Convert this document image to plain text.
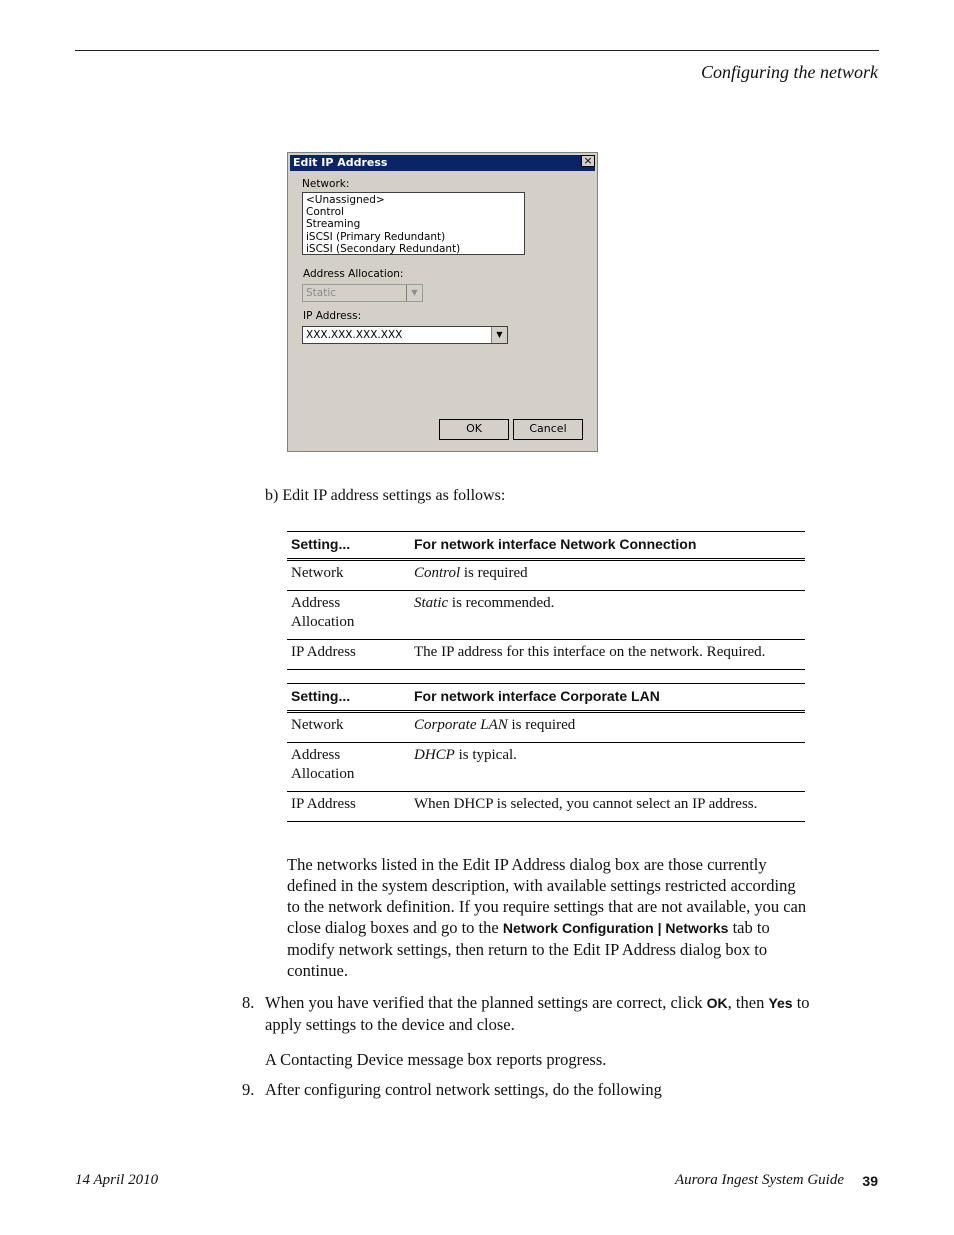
Configuring the network
Edit IP Address	×
Network:
<Unassigned>
Control
Streaming
iSCSI (Primary Redundant)
iSCSI (Secondary Redundant)
Address Allocation:
Static	▼
IP Address:
XXX.XXX.XXX.XXX	▼
OK	Cancel
b) Edit IP address settings as follows:
Setting...	For network interface Network Connection
Network	Control is required
Address Allocation	Static is recommended.
IP Address	The IP address for this interface on the network. Required.
Setting...	For network interface Corporate LAN
Network	Corporate LAN is required
Address Allocation	DHCP is typical.
IP Address	When DHCP is selected, you cannot select an IP address.
The networks listed in the Edit IP Address dialog box are those currently defined in the system description, with available settings restricted according to the network definition. If you require settings that are not available, you can close dialog boxes and go to the Network Configuration | Networks tab to modify network settings, then return to the Edit IP Address dialog box to continue.
8. When you have verified that the planned settings are correct, click OK, then Yes to apply settings to the device and close.
A Contacting Device message box reports progress.
9. After configuring control network settings, do the following
14 April 2010	Aurora Ingest System Guide 39
